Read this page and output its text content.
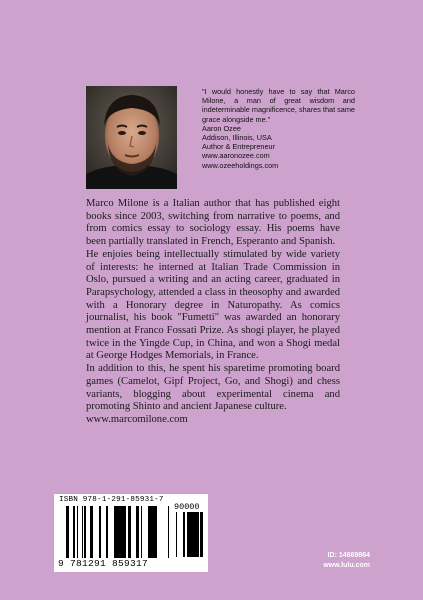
"I would honestly have to say that Marco Milone, a man of great wisdom and indeterminable magnificence, shares that same grace alongside me."
Aaron Ozee
Addison, Illinois, USA
Author & Entrepreneur
www.aaronozee.com
www.ozeeholdings.com

Marco Milone is a Italian author that has published eight books since 2003, switching from narrative to poems, and from comics essay to sociology essay. His poems have been partially translated in French, Esperanto and Spanish.

He enjoies being intellectually stimulated by wide variety of interests: he interned at Italian Trade Commission in Oslo, pursued a writing and an acting career, graduated in Parapsychology, attended a class in theosophy and awarded with a Honorary degree in Naturopathy. As comics journalist, his book "Fumetti" was awarded an honorary mention at Franco Fossati Prize. As shogi player, he played twice in the Yingde Cup, in China, and won a Shogi medal at George Hodges Memorials, in France.

In addition to this, he spent his sparetime promoting board games (Camelot, Gipf Project, Go, and Shogi) and chess variants, blogging about experimental cinema and promoting Shinto and ancient Japanese culture.

www.marcomilone.com

ISBN 978-1-291-85931-7
90000
9 781291 859317
ID: 14669864
www.lulu.com
